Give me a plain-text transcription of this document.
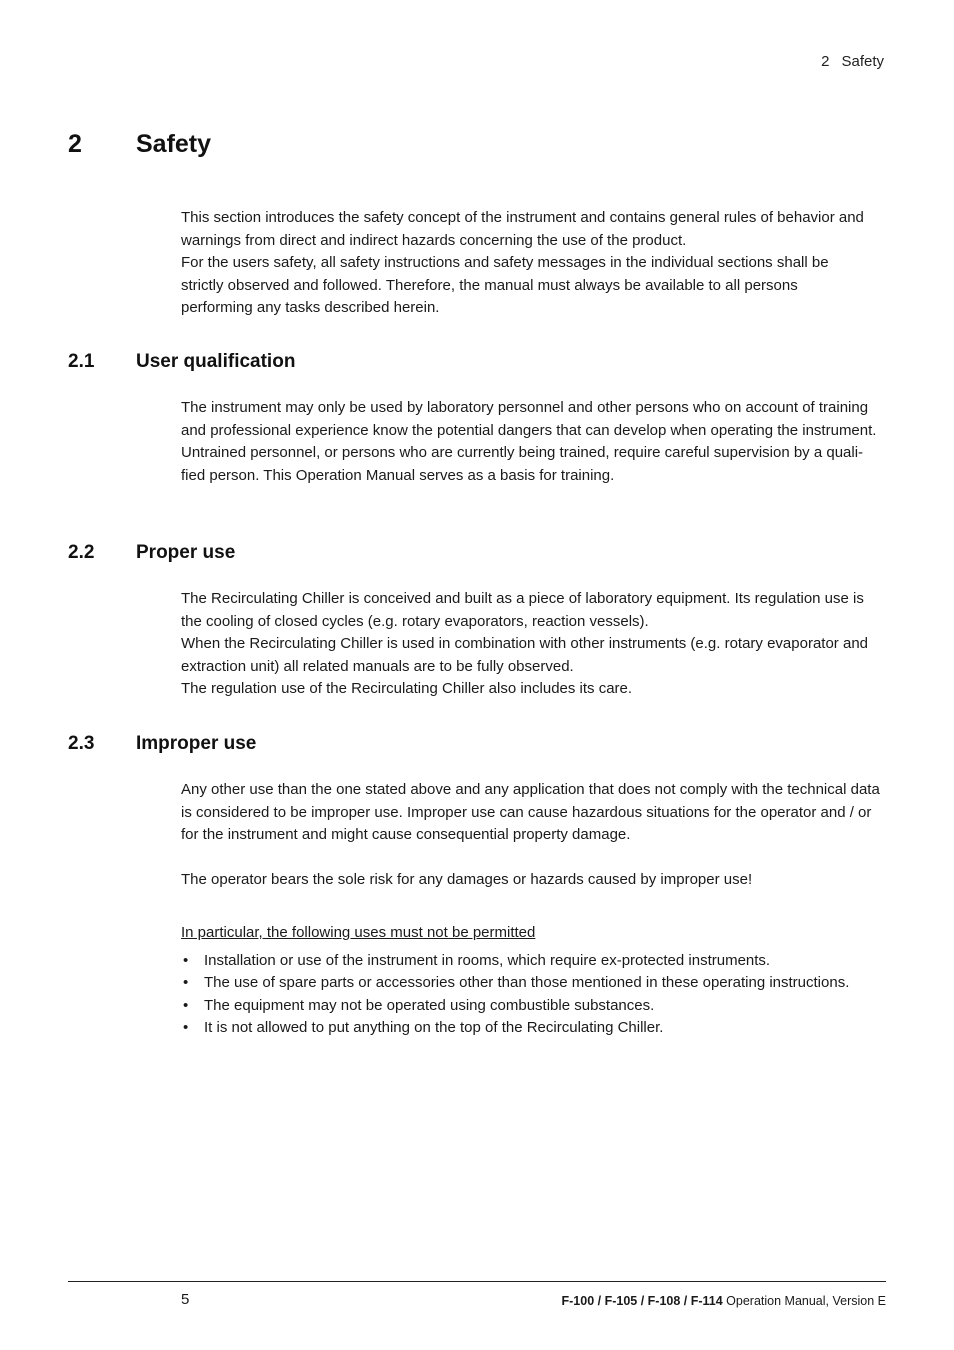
2 Safety
2 Safety

This section introduces the safety concept of the instrument and contains general rules of behavior and warnings from direct and indirect hazards concerning the use of the product.

For the users safety, all safety instructions and safety messages in the individual sections shall be strictly observed and followed. Therefore, the manual must always be available to all persons performing any tasks described herein.

2.1 User qualification

The instrument may only be used by laboratory personnel and other persons who on account of training and professional experience know the potential dangers that can develop when operating the instrument.

Untrained personnel, or persons who are currently being trained, require careful supervision by a quali-fied person. This Operation Manual serves as a basis for training.

2.2 Proper use

The Recirculating Chiller is conceived and built as a piece of laboratory equipment. Its regulation use is the cooling of closed cycles (e.g. rotary evaporators, reaction vessels).

When the Recirculating Chiller is used in combination with other instruments (e.g. rotary evaporator and extraction unit) all related manuals are to be fully observed.

The regulation use of the Recirculating Chiller also includes its care.

2.3 Improper use

Any other use than the one stated above and any application that does not comply with the technical data is considered to be improper use. Improper use can cause hazardous situations for the operator and / or for the instrument and might cause consequential property damage.

The operator bears the sole risk for any damages or hazards caused by improper use!

In particular, the following uses must not be permitted
• Installation or use of the instrument in rooms, which require ex-protected instruments.
• The use of spare parts or accessories other than those mentioned in these operating instructions.
• The equipment may not be operated using combustible substances.
• It is not allowed to put anything on the top of the Recirculating Chiller.
5	F-100 / F-105 / F-108 / F-114 Operation Manual, Version E
